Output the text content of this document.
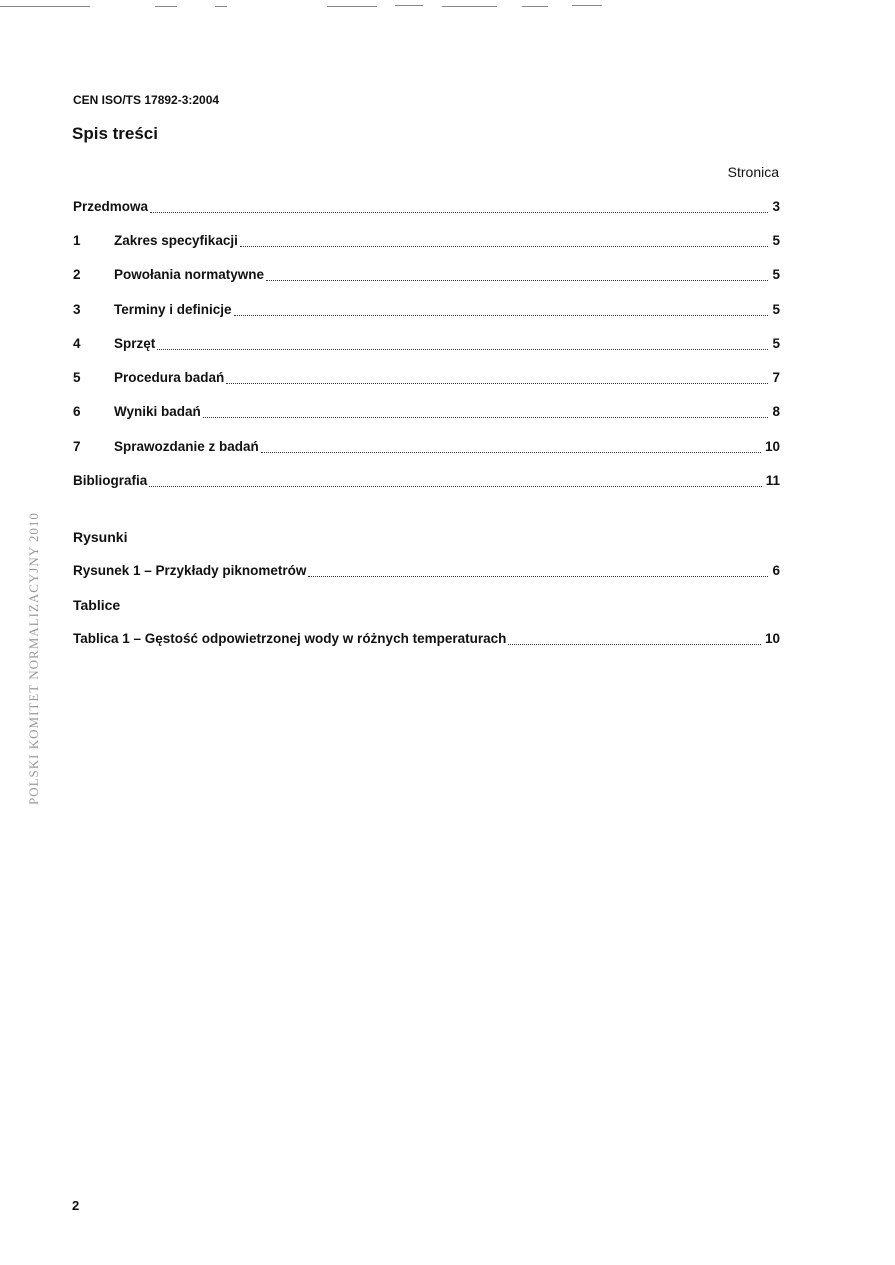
CEN ISO/TS 17892-3:2004
Spis treści
Stronica
Przedmowa	3
1	Zakres specyfikacji	5
2	Powołania normatywne	5
3	Terminy i definicje	5
4	Sprzęt	5
5	Procedura badań	7
6	Wyniki badań	8
7	Sprawozdanie z badań	10
Bibliografia	11
Rysunek 1 – Przykłady piknometrów	6
Tablica 1 – Gęstość odpowietrzonej wody w różnych temperaturach	10
Rysunki
Tablice
POLSKI KOMITET NORMALIZACYJNY 2010
2
